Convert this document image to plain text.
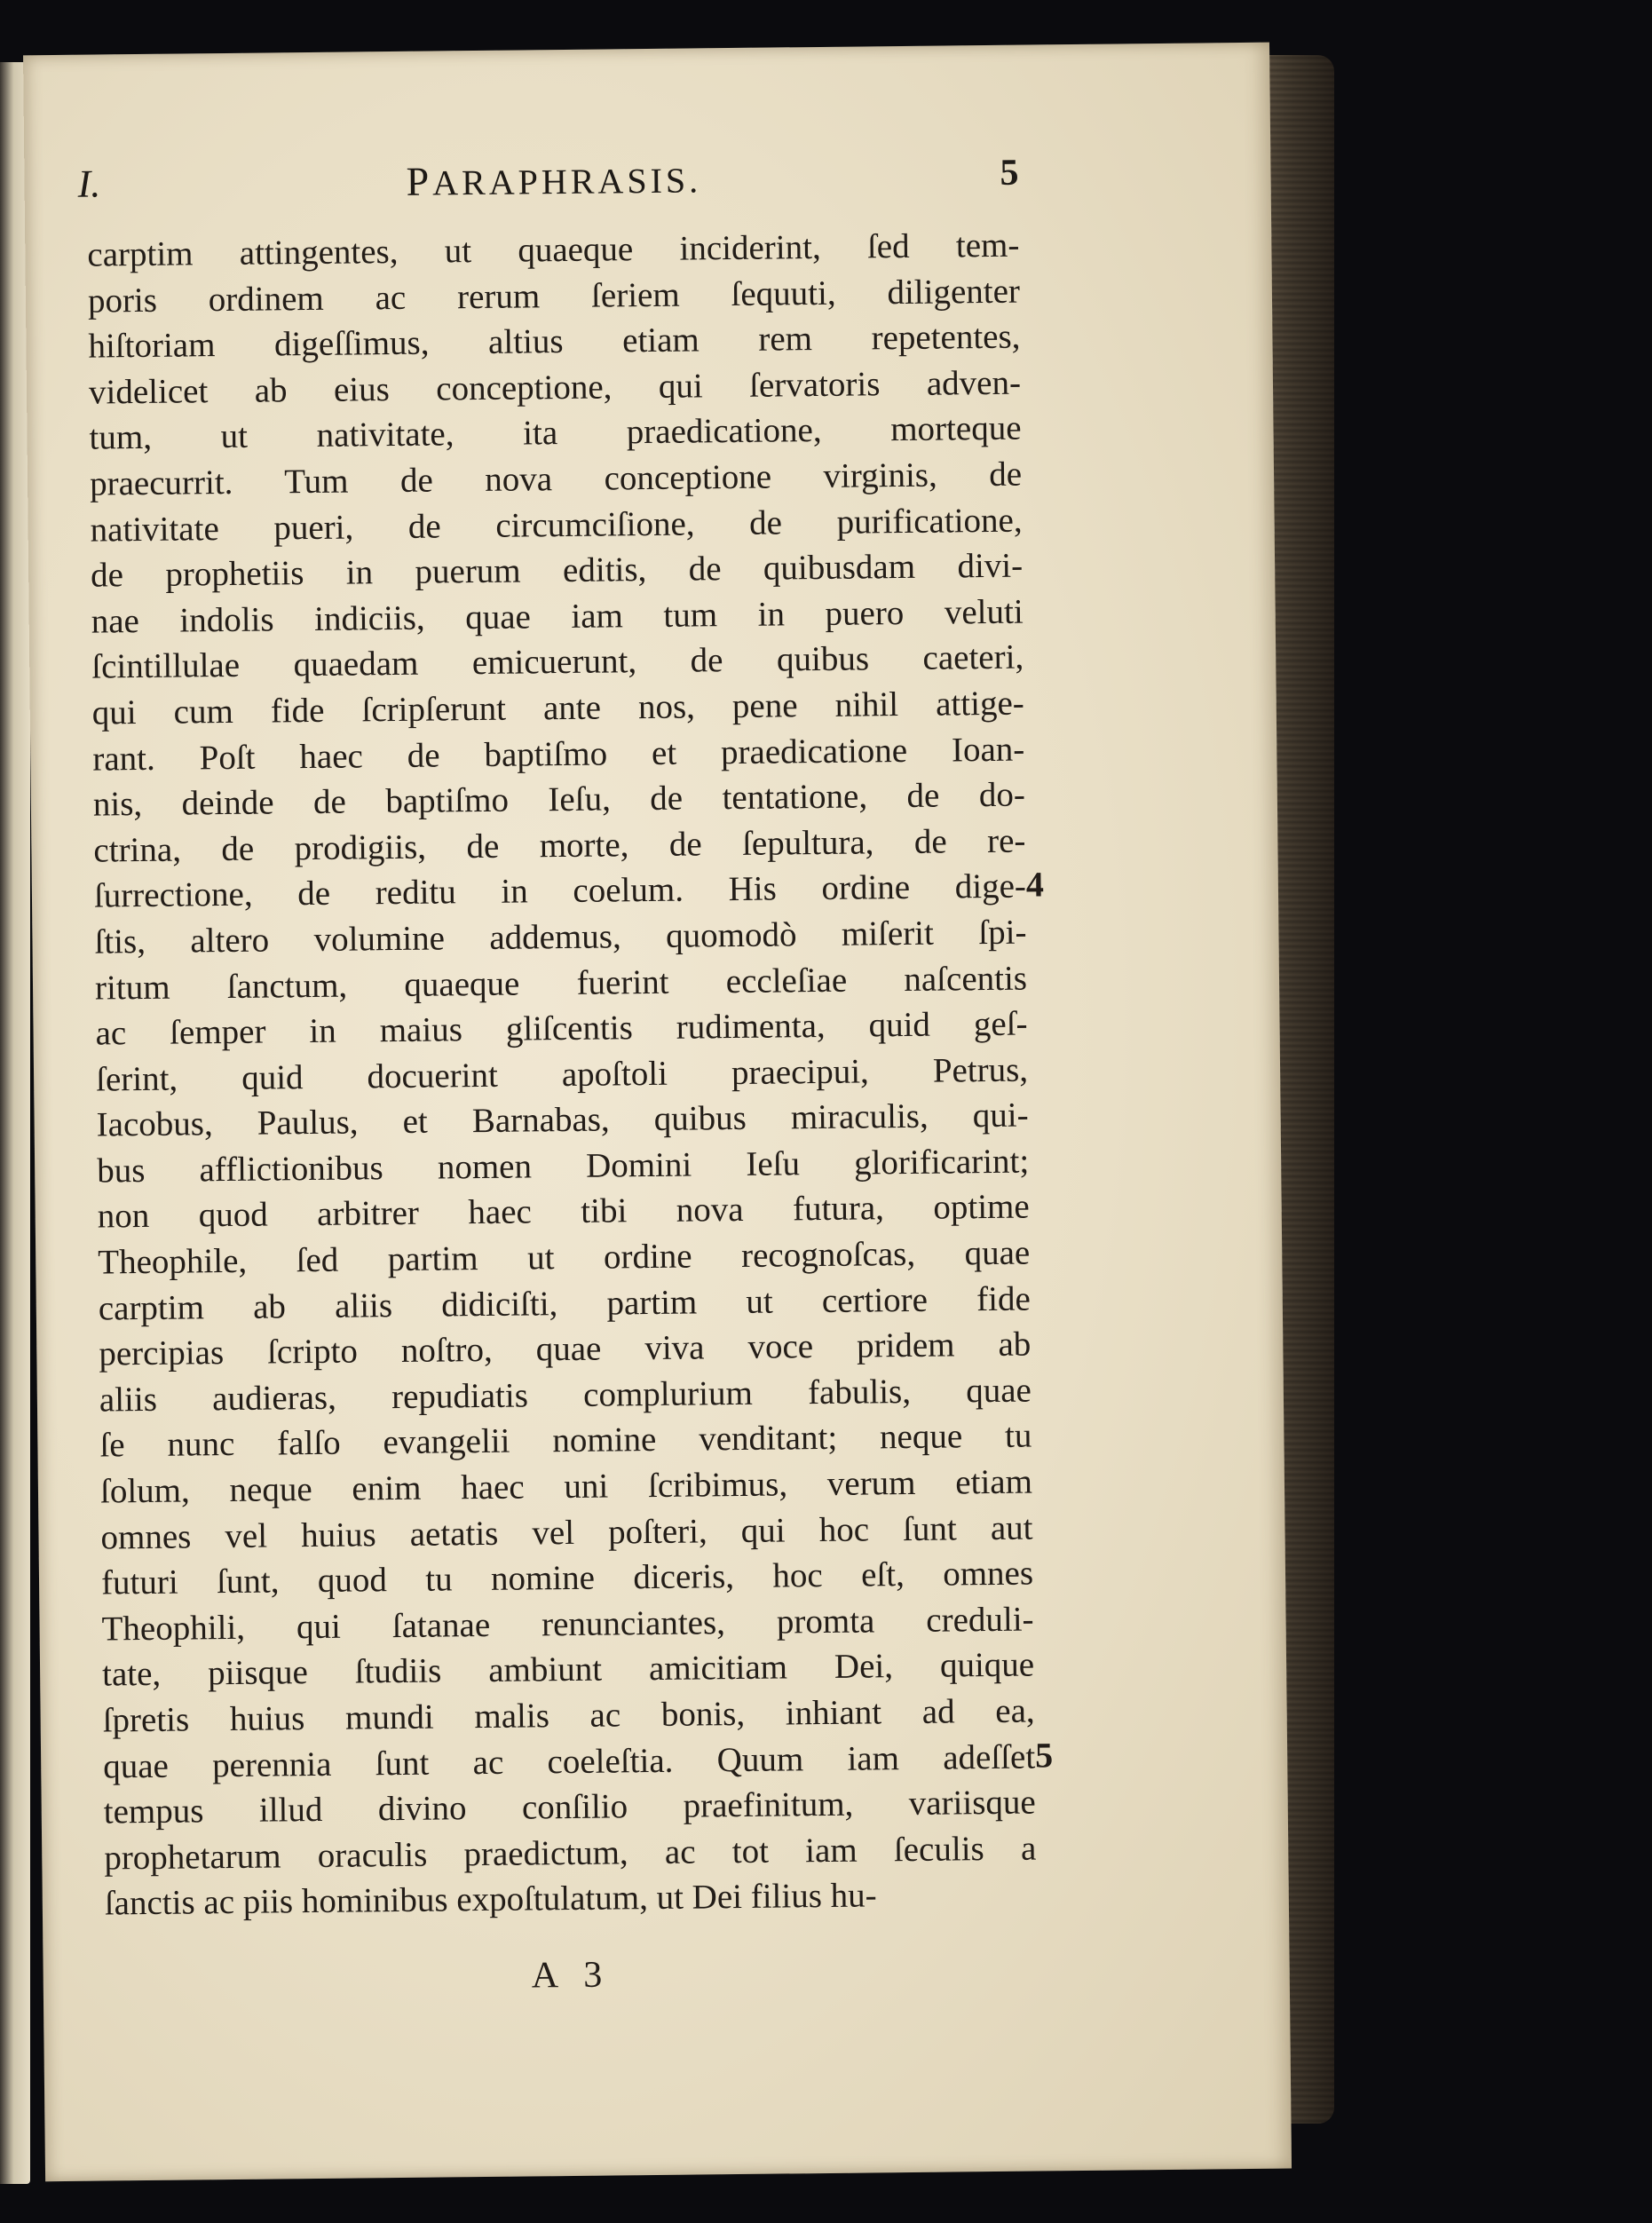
I.	PARAPHRASIS.	5
carptim attingentes, ut quaeque inciderint, ſed tem-
poris ordinem ac rerum ſeriem ſequuti, diligenter
hiſtoriam digeſſimus, altius etiam rem repetentes,
videlicet ab eius conceptione, qui ſervatoris adven-
tum, ut nativitate, ita praedicatione, morteque
praecurrit. Tum de nova conceptione virginis, de
nativitate pueri, de circumciſione, de purificatione,
de prophetiis in puerum editis, de quibusdam divi-
nae indolis indiciis, quae iam tum in puero veluti
ſcintillulae quaedam emicuerunt, de quibus caeteri,
qui cum fide ſcripſerunt ante nos, pene nihil attige-
rant. Poſt haec de baptiſmo et praedicatione Ioan-
nis, deinde de baptiſmo Ieſu, de tentatione, de do-
ctrina, de prodigiis, de morte, de ſepultura, de re-
ſurrectione, de reditu in coelum. His ordine dige-
ſtis, altero volumine addemus, quomodò miſerit ſpi-
ritum ſanctum, quaeque fuerint eccleſiae naſcentis
ac ſemper in maius gliſcentis rudimenta, quid geſ-
ſerint, quid docuerint apoſtoli praecipui, Petrus,
Iacobus, Paulus, et Barnabas, quibus miraculis, qui-
bus afflictionibus nomen Domini Ieſu glorificarint;
non quod arbitrer haec tibi nova futura, optime
Theophile, ſed partim ut ordine recognoſcas, quae
carptim ab aliis didiciſti, partim ut certiore fide
percipias ſcripto noſtro, quae viva voce pridem ab
aliis audieras, repudiatis complurium fabulis, quae
ſe nunc falſo evangelii nomine venditant; neque tu
ſolum, neque enim haec uni ſcribimus, verum etiam
omnes vel huius aetatis vel poſteri, qui hoc ſunt aut
futuri ſunt, quod tu nomine diceris, hoc eſt, omnes
Theophili, qui ſatanae renunciantes, promta creduli-
tate, piisque ſtudiis ambiunt amicitiam Dei, quique
ſpretis huius mundi malis ac bonis, inhiant ad ea,
quae perennia ſunt ac coeleſtia. Quum iam adeſſet
tempus illud divino conſilio praefinitum, variisque
prophetarum oraculis praedictum, ac tot iam ſeculis a
ſanctis ac piis hominibus expoſtulatum, ut Dei filius hu-
4
5
A 3
